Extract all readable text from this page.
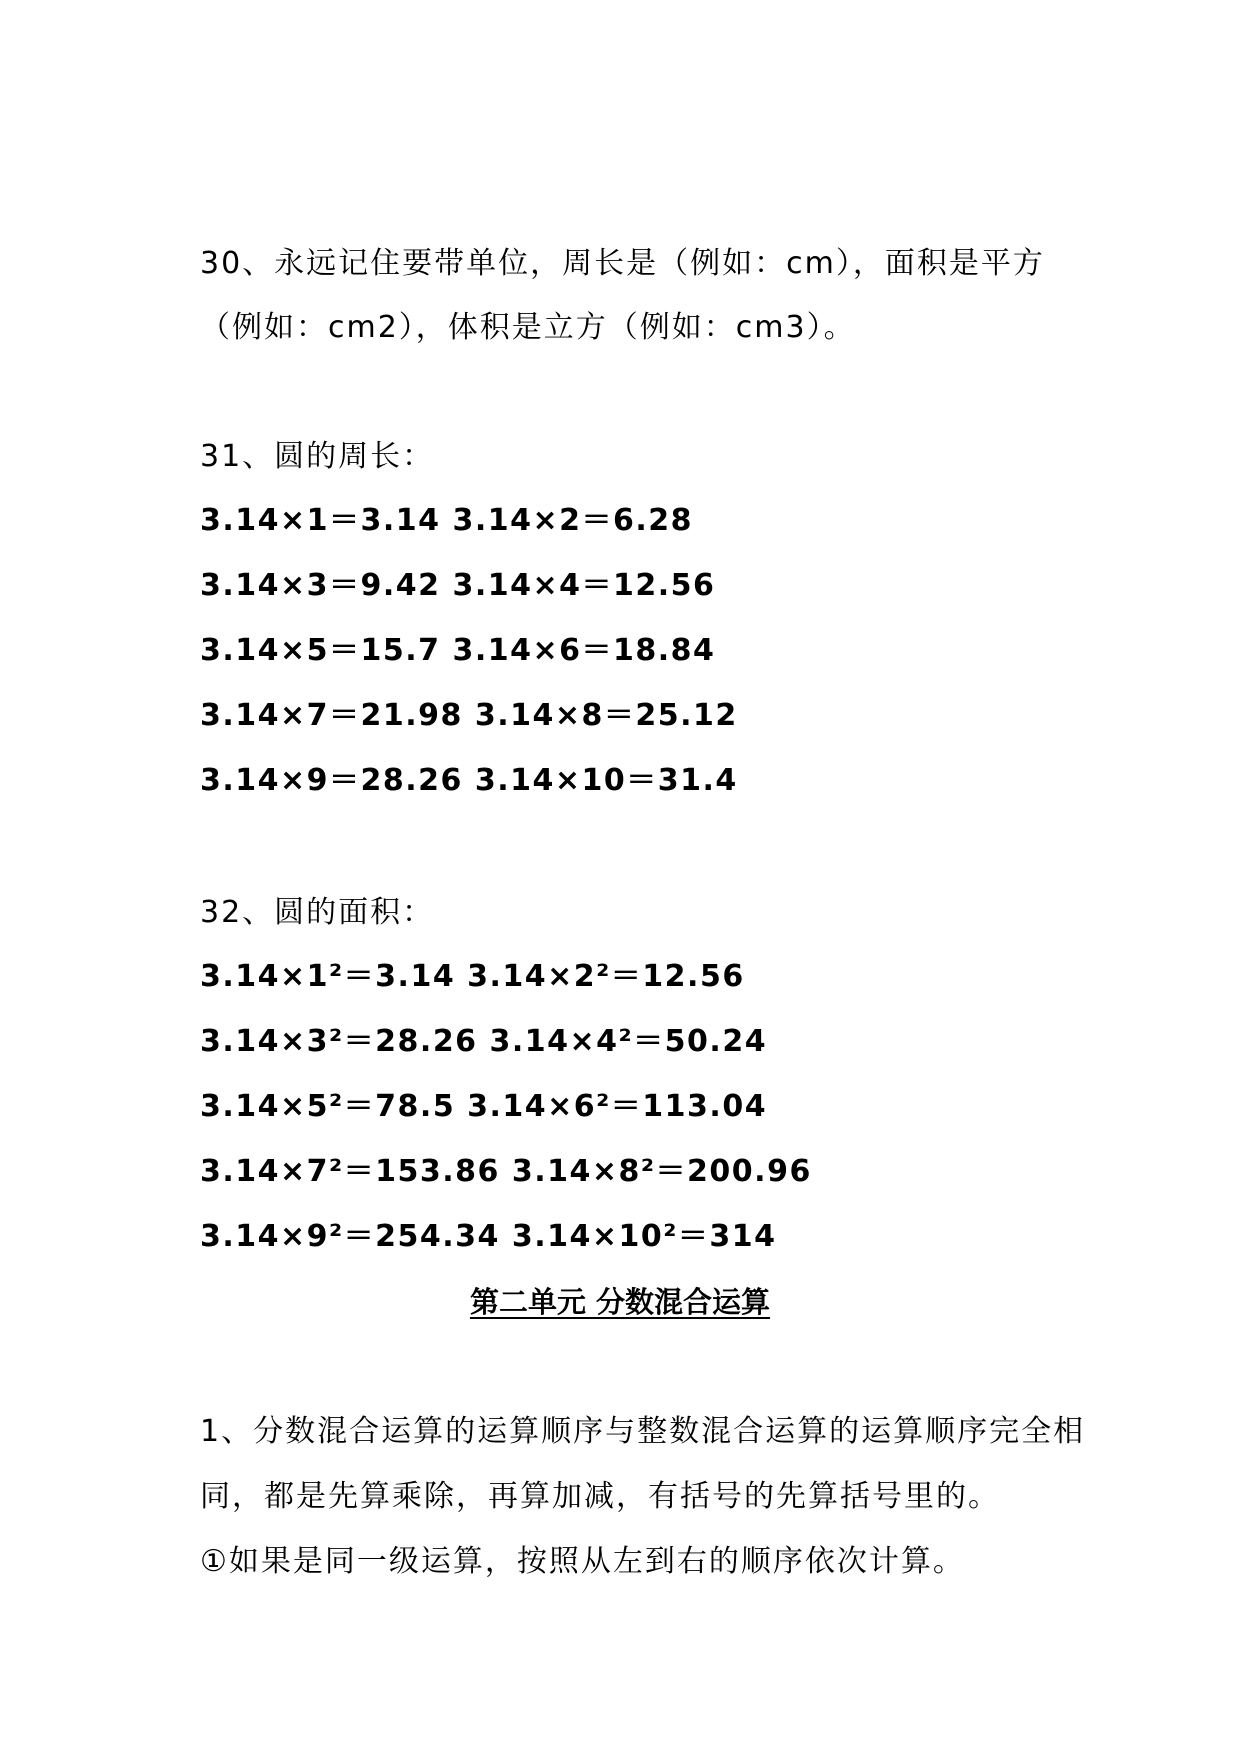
30、永远记住要带单位，周长是（例如：cm），面积是平方
（例如：cm2），体积是立方（例如：cm3）。
31、圆的周长：
3.14×1＝3.14 3.14×2＝6.28
3.14×3＝9.42 3.14×4＝12.56
3.14×5＝15.7 3.14×6＝18.84
3.14×7＝21.98 3.14×8＝25.12
3.14×9＝28.26 3.14×10＝31.4
32、圆的面积：
3.14×1²＝3.14 3.14×2²＝12.56
3.14×3²＝28.26 3.14×4²＝50.24
3.14×5²＝78.5 3.14×6²＝113.04
3.14×7²＝153.86 3.14×8²＝200.96
3.14×9²＝254.34 3.14×10²＝314
第二单元 分数混合运算
1、分数混合运算的运算顺序与整数混合运算的运算顺序完全相
同，都是先算乘除，再算加减，有括号的先算括号里的。
①如果是同一级运算，按照从左到右的顺序依次计算。
